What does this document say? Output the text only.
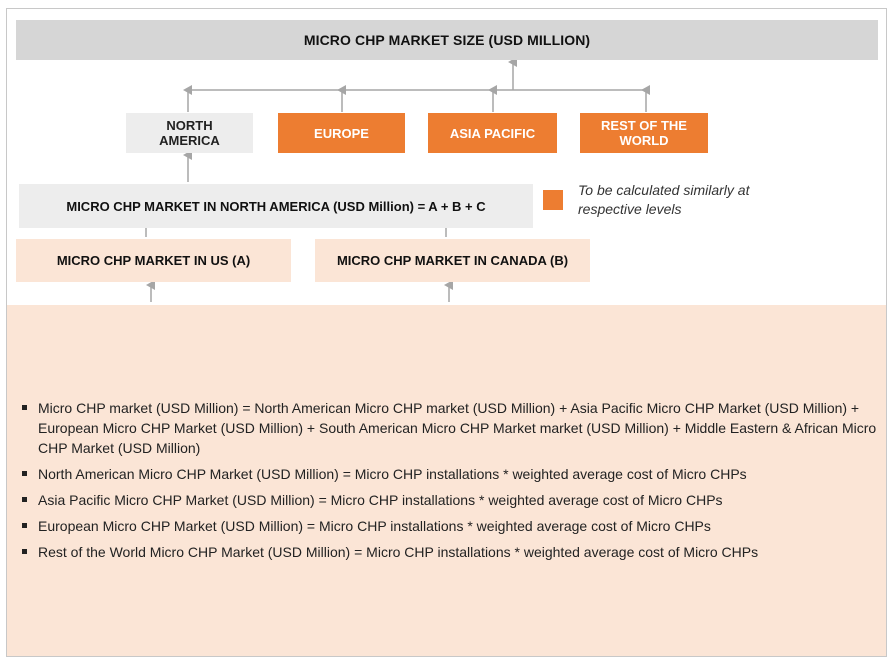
MICRO CHP MARKET SIZE (USD MILLION)
NORTH AMERICA	EUROPE	ASIA PACIFIC	REST OF THE WORLD
MICRO CHP MARKET IN NORTH AMERICA (USD Million) = A + B + C
MICRO CHP MARKET IN US (A)	MICRO CHP MARKET IN CANADA (B)
To be calculated similarly at respective levels
Micro CHP market (USD Million) = North American Micro CHP market (USD Million) + Asia Pacific Micro CHP Market (USD Million) + European Micro CHP Market (USD Million) + South American Micro CHP Market market (USD Million) + Middle Eastern & African Micro CHP Market (USD Million)
North American Micro CHP Market (USD Million) = Micro CHP installations * weighted average cost of Micro CHPs
Asia Pacific Micro CHP Market (USD Million) = Micro CHP installations * weighted average cost of Micro CHPs
European Micro CHP Market (USD Million) = Micro CHP installations * weighted average cost of Micro CHPs
Rest of the World Micro CHP Market (USD Million) = Micro CHP installations * weighted average cost of Micro CHPs
